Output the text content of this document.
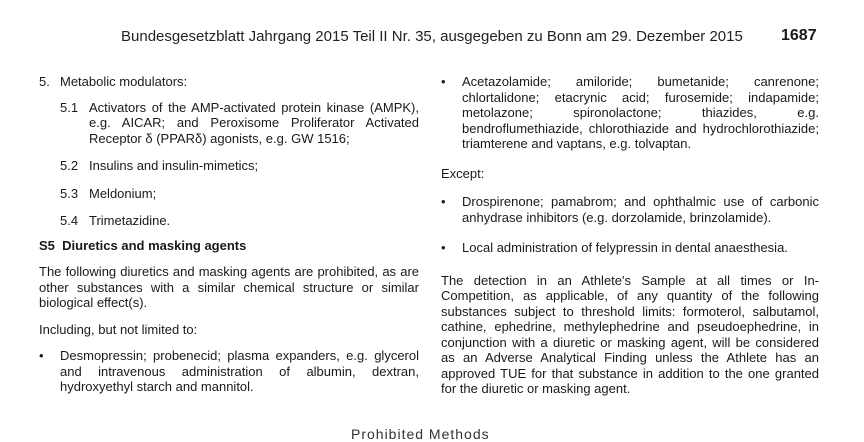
Bundesgesetzblatt Jahrgang 2015 Teil II Nr. 35, ausgegeben zu Bonn am 29. Dezember 2015 1687
5. Metabolic modulators:
5.1 Activators of the AMP-activated protein kinase (AMPK), e.g. AICAR; and Peroxisome Proliferator Activated Receptor δ (PPARδ) agonists, e.g. GW 1516;
5.2 Insulins and insulin-mimetics;
5.3 Meldonium;
5.4 Trimetazidine.

S5  Diuretics and masking agents

The following diuretics and masking agents are prohibited, as are other substances with a similar chemical structure or similar biological effect(s).

Including, but not limited to:

• Desmopressin; probenecid; plasma expanders, e.g. glycerol and intravenous administration of albumin, dextran, hydroxyethyl starch and mannitol.
• Acetazolamide; amiloride; bumetanide; canrenone; chlortalidone; etacrynic acid; furosemide; indapamide; metolazone; spironolactone; thiazides, e.g. bendroflumethiazide, chlorothiazide and hydrochlorothiazide; triamterene and vaptans, e.g. tolvaptan.

Except:

• Drospirenone; pamabrom; and ophthalmic use of carbonic anhydrase inhibitors (e.g. dorzolamide, brinzolamide).
• Local administration of felypressin in dental anaesthesia.

The detection in an Athlete's Sample at all times or In-Competition, as applicable, of any quantity of the following substances subject to threshold limits: formoterol, salbutamol, cathine, ephedrine, methylephedrine and pseudoephedrine, in conjunction with a diuretic or masking agent, will be considered as an Adverse Analytical Finding unless the Athlete has an approved TUE for that substance in addition to the one granted for the diuretic or masking agent.

Prohibited Methods
